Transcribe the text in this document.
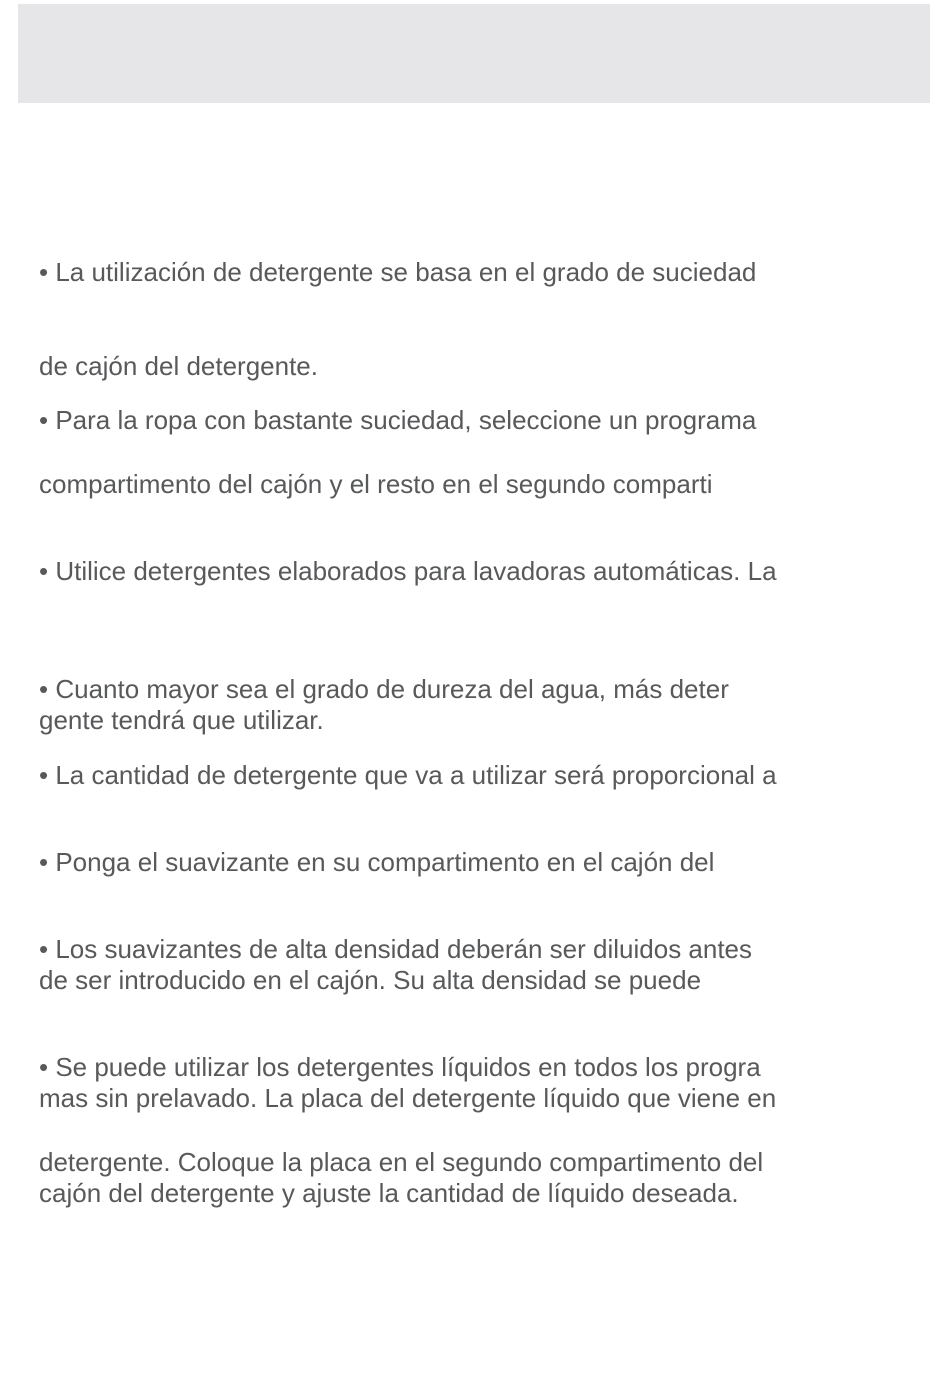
• La utilización de detergente se basa en el grado de suciedad

de cajón del detergente.

• Para la ropa con bastante suciedad, seleccione un programa

compartimento del cajón y el resto en el segundo comparti

• Utilice detergentes elaborados para lavadoras automáticas. La

• Cuanto mayor sea el grado de dureza del agua, más deter

gente tendrá que utilizar.

• La cantidad de detergente que va a utilizar será proporcional a

• Ponga el suavizante en su compartimento en el cajón del

• Los suavizantes de alta densidad deberán ser diluidos antes

de ser introducido en el cajón. Su alta densidad se puede

• Se puede utilizar los detergentes líquidos en todos los progra

mas sin prelavado. La placa del detergente líquido que viene en

detergente. Coloque la placa en el segundo compartimento del

cajón del detergente y ajuste la cantidad de líquido deseada.
